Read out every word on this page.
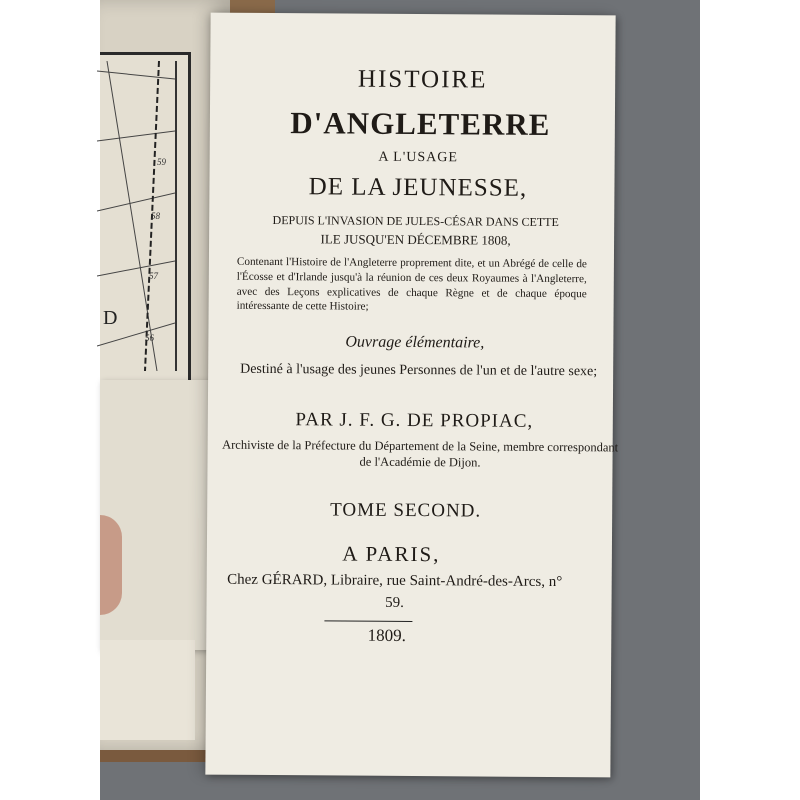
D
59
58
57
56
HISTOIRE
D'ANGLETERRE
A L'USAGE
DE LA JEUNESSE,
DEPUIS L'INVASION DE JULES-CÉSAR DANS CETTE
ILE JUSQU'EN DÉCEMBRE 1808,
Contenant l'Histoire de l'Angleterre proprement dite, et un Abrégé de celle de l'Écosse et d'Irlande jusqu'à la réunion de ces deux Royaumes à l'Angleterre, avec des Leçons explicatives de chaque Règne et de chaque époque intéressante de cette Histoire;
Ouvrage élémentaire,
Destiné à l'usage des jeunes Personnes de l'un et de l'autre sexe;
PAR J. F. G. DE PROPIAC,
Archiviste de la Préfecture du Département de la Seine, membre correspondant de l'Académie de Dijon.
TOME SECOND.
A PARIS,
Chez GÉRARD, Libraire, rue Saint-André-des-Arcs, n° 59.
1809.
